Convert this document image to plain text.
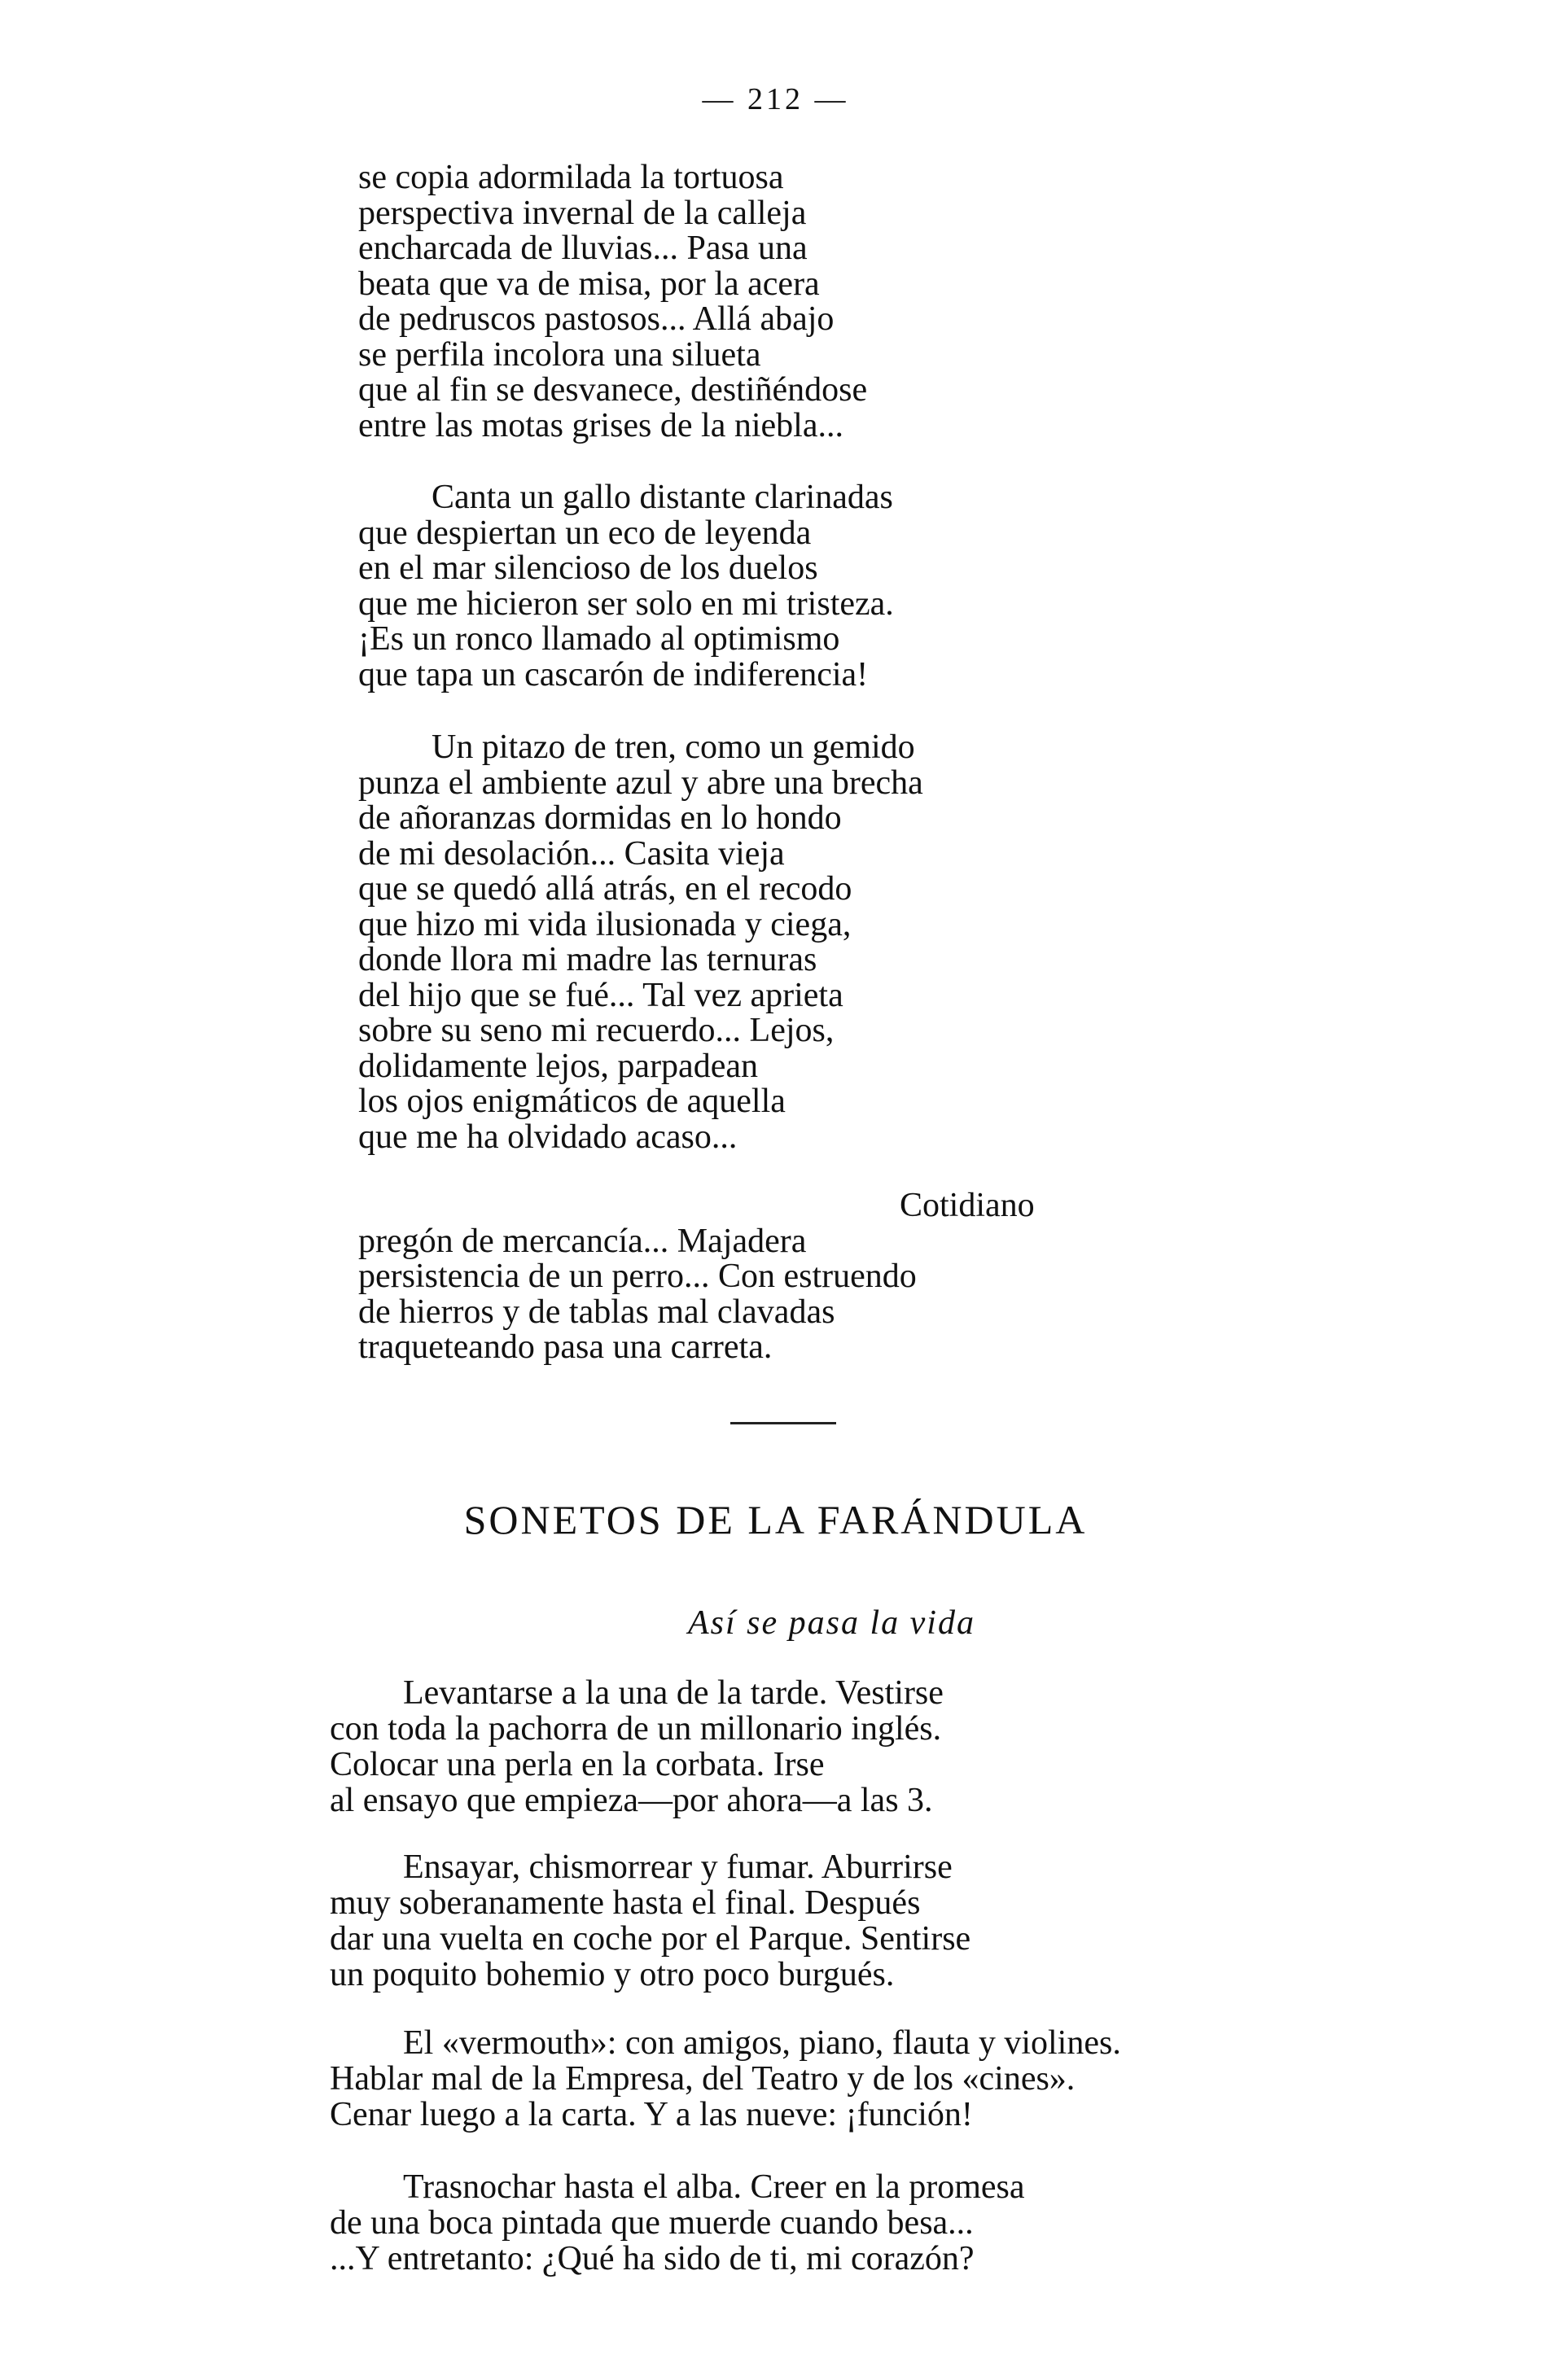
— 212 —
se copia adormilada la tortuosa
perspectiva invernal de la calleja
encharcada de lluvias... Pasa una
beata que va de misa, por la acera
de pedruscos pastosos... Allá abajo
se perfila incolora una silueta
que al fin se desvanece, destiñéndose
entre las motas grises de la niebla...
Canta un gallo distante clarinadas
que despiertan un eco de leyenda
en el mar silencioso de los duelos
que me hicieron ser solo en mi tristeza.
¡Es un ronco llamado al optimismo
que tapa un cascarón de indiferencia!
Un pitazo de tren, como un gemido
punza el ambiente azul y abre una brecha
de añoranzas dormidas en lo hondo
de mi desolación... Casita vieja
que se quedó allá atrás, en el recodo
que hizo mi vida ilusionada y ciega,
donde llora mi madre las ternuras
del hijo que se fué... Tal vez aprieta
sobre su seno mi recuerdo... Lejos,
dolidamente lejos, parpadean
los ojos enigmáticos de aquella
que me ha olvidado acaso...
Cotidiano
pregón de mercancía... Majadera
persistencia de un perro... Con estruendo
de hierros y de tablas mal clavadas
traqueteando pasa una carreta.
SONETOS DE LA FARÁNDULA
Así se pasa la vida
Levantarse a la una de la tarde. Vestirse
con toda la pachorra de un millonario inglés.
Colocar una perla en la corbata. Irse
al ensayo que empieza—por ahora—a las 3.
Ensayar, chismorrear y fumar. Aburrirse
muy soberanamente hasta el final. Después
dar una vuelta en coche por el Parque. Sentirse
un poquito bohemio y otro poco burgués.
El «vermouth»: con amigos, piano, flauta y violines.
Hablar mal de la Empresa, del Teatro y de los «cines».
Cenar luego a la carta. Y a las nueve: ¡función!
Trasnochar hasta el alba. Creer en la promesa
de una boca pintada que muerde cuando besa...
...Y entretanto: ¿Qué ha sido de ti, mi corazón?
